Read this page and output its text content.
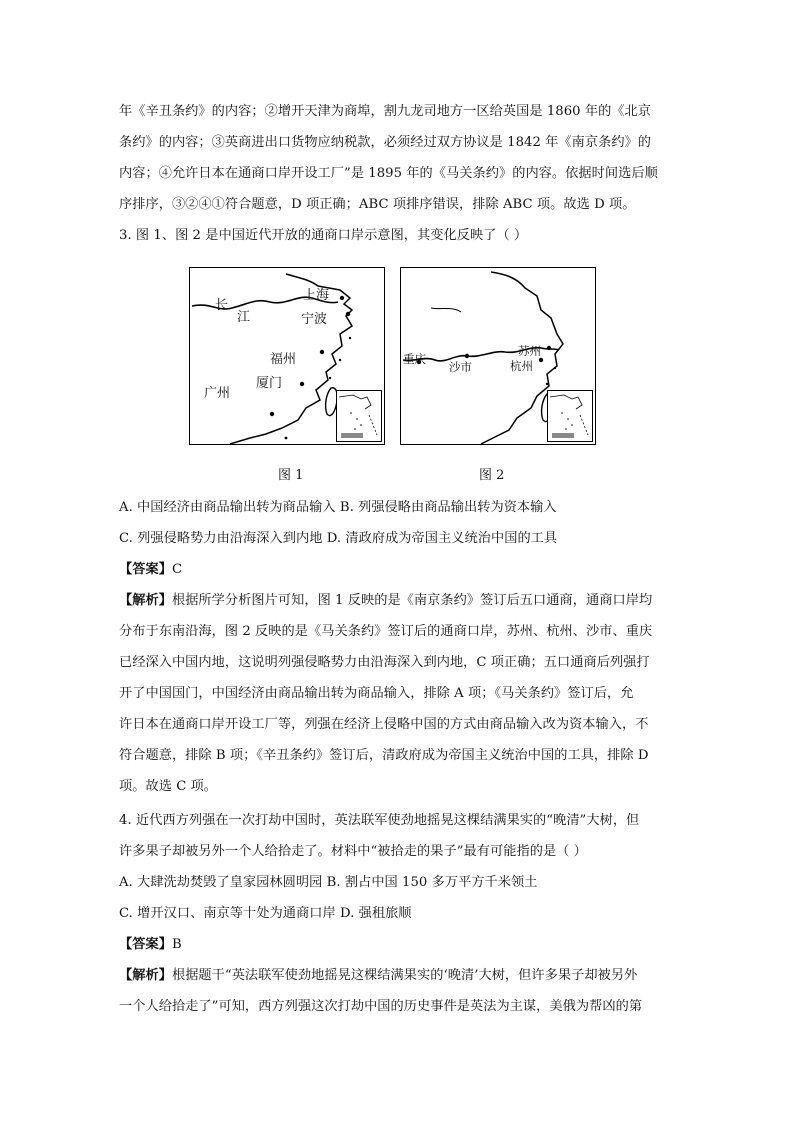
年《辛丑条约》的内容；②增开天津为商埠，割九龙司地方一区给英国是 1860 年的《北京
条约》的内容；③英商进出口货物应纳税款，必须经过双方协议是 1842 年《南京条约》的
内容；④允许日本在通商口岸开设工厂”是 1895 年的《马关条约》的内容。依据时间选后顺
序排序，③②④①符合题意，D 项正确；ABC 项排序错误，排除 ABC 项。故选 D 项。
3. 图 1、图 2 是中国近代开放的通商口岸示意图，其变化反映了（ ）
长
江
上海
宁波
福州
厦门
广州
苏州
重庆
沙市	杭州
图 1	图 2
A. 中国经济由商品输出转为商品输入 B. 列强侵略由商品输出转为资本输入
C. 列强侵略势力由沿海深入到内地 D. 清政府成为帝国主义统治中国的工具
【答案】C
【解析】根据所学分析图片可知，图 1 反映的是《南京条约》签订后五口通商，通商口岸均
分布于东南沿海，图 2 反映的是《马关条约》签订后的通商口岸，苏州、杭州、沙市、重庆
已经深入中国内地，这说明列强侵略势力由沿海深入到内地，C 项正确；五口通商后列强打
开了中国国门，中国经济由商品输出转为商品输入，排除 A 项；《马关条约》签订后，允
许日本在通商口岸开设工厂等，列强在经济上侵略中国的方式由商品输入改为资本输入，不
符合题意，排除 B 项；《辛丑条约》签订后，清政府成为帝国主义统治中国的工具，排除 D
项。故选 C 项。
4. 近代西方列强在一次打劫中国时，英法联军使劲地摇晃这棵结满果实的“晚清”大树，但
许多果子却被另外一个人给拾走了。材料中“被拾走的果子”最有可能指的是（ ）
A. 大肆洗劫焚毁了皇家园林圆明园 B. 割占中国 150 多万平方千米领土
C. 增开汉口、南京等十处为通商口岸 D. 强租旅顺
【答案】B
【解析】根据题干“英法联军使劲地摇晃这棵结满果实的‘晚清’大树，但许多果子却被另外
一个人给拾走了”可知，西方列强这次打劫中国的历史事件是英法为主谋，美俄为帮凶的第
